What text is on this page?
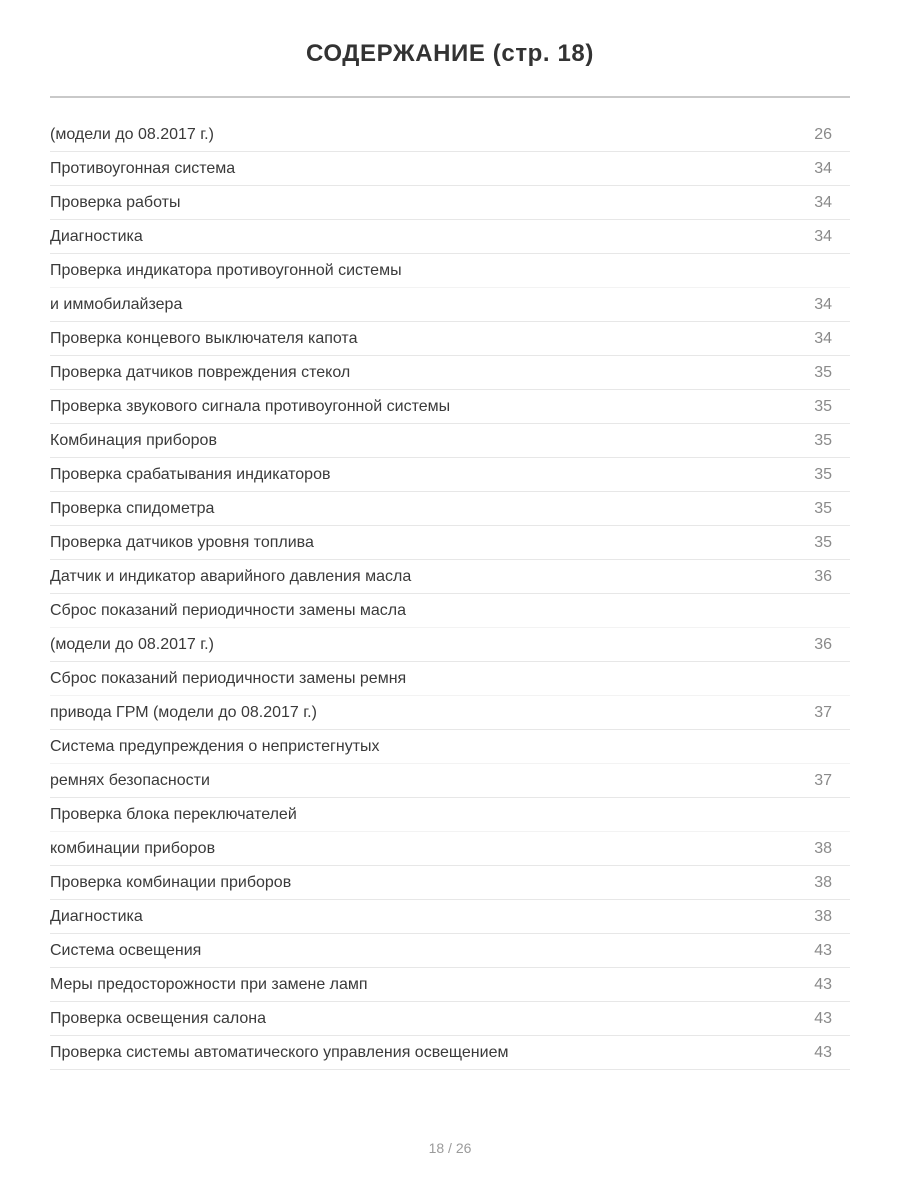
СОДЕРЖАНИЕ (стр. 18)
(модели до 08.2017 г.)	26
Противоугонная система	34
Проверка работы	34
Диагностика	34
Проверка индикатора противоугонной системы
и иммобилайзера	34
Проверка концевого выключателя капота	34
Проверка датчиков повреждения стекол	35
Проверка звукового сигнала противоугонной системы	35
Комбинация приборов	35
Проверка срабатывания индикаторов	35
Проверка спидометра	35
Проверка датчиков уровня топлива	35
Датчик и индикатор аварийного давления масла	36
Сброс показаний периодичности замены масла
(модели до 08.2017 г.)	36
Сброс показаний периодичности замены ремня
привода ГРМ (модели до 08.2017 г.)	37
Система предупреждения о непристегнутых
ремнях безопасности	37
Проверка блока переключателей
комбинации приборов	38
Проверка комбинации приборов	38
Диагностика	38
Система освещения	43
Меры предосторожности при замене ламп	43
Проверка освещения салона	43
Проверка системы автоматического управления освещением	43
18 / 26
